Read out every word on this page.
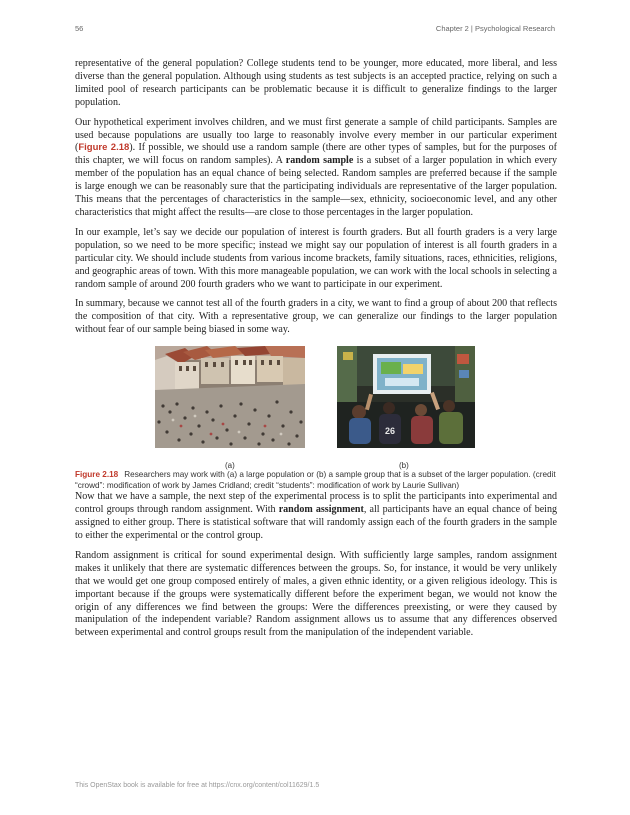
56	Chapter 2 | Psychological Research

representative of the general population? College students tend to be younger, more educated, more liberal, and less diverse than the general population. Although using students as test subjects is an accepted practice, relying on such a limited pool of research participants can be problematic because it is difficult to generalize findings to the larger population.

Our hypothetical experiment involves children, and we must first generate a sample of child participants. Samples are used because populations are usually too large to reasonably involve every member in our particular experiment (Figure 2.18). If possible, we should use a random sample (there are other types of samples, but for the purposes of this chapter, we will focus on random samples). A random sample is a subset of a larger population in which every member of the population has an equal chance of being selected. Random samples are preferred because if the sample is large enough we can be reasonably sure that the participating individuals are representative of the larger population. This means that the percentages of characteristics in the sample—sex, ethnicity, socioeconomic level, and any other characteristics that might affect the results—are close to those percentages in the larger population.

In our example, let’s say we decide our population of interest is fourth graders. But all fourth graders is a very large population, so we need to be more specific; instead we might say our population of interest is all fourth graders in a particular city. We should include students from various income brackets, family situations, races, ethnicities, religions, and geographic areas of town. With this more manageable population, we can work with the local schools in selecting a random sample of around 200 fourth graders who we want to participate in our experiment.

In summary, because we cannot test all of the fourth graders in a city, we want to find a group of about 200 that reflects the composition of that city. With a representative group, we can generalize our findings to the larger population without fear of our sample being biased in some way.

26
(a)	(b)
Figure 2.18 Researchers may work with (a) a large population or (b) a sample group that is a subset of the larger population. (credit “crowd”: modification of work by James Cridland; credit “students”: modification of work by Laurie Sullivan)

Now that we have a sample, the next step of the experimental process is to split the participants into experimental and control groups through random assignment. With random assignment, all participants have an equal chance of being assigned to either group. There is statistical software that will randomly assign each of the fourth graders in the sample to either the experimental or the control group.

Random assignment is critical for sound experimental design. With sufficiently large samples, random assignment makes it unlikely that there are systematic differences between the groups. So, for instance, it would be very unlikely that we would get one group composed entirely of males, a given ethnic identity, or a given religious ideology. This is important because if the groups were systematically different before the experiment began, we would not know the origin of any differences we find between the groups: Were the differences preexisting, or were they caused by manipulation of the independent variable? Random assignment allows us to assume that any differences observed between experimental and control groups result from the manipulation of the independent variable.

This OpenStax book is available for free at https://cnx.org/content/col11629/1.5
